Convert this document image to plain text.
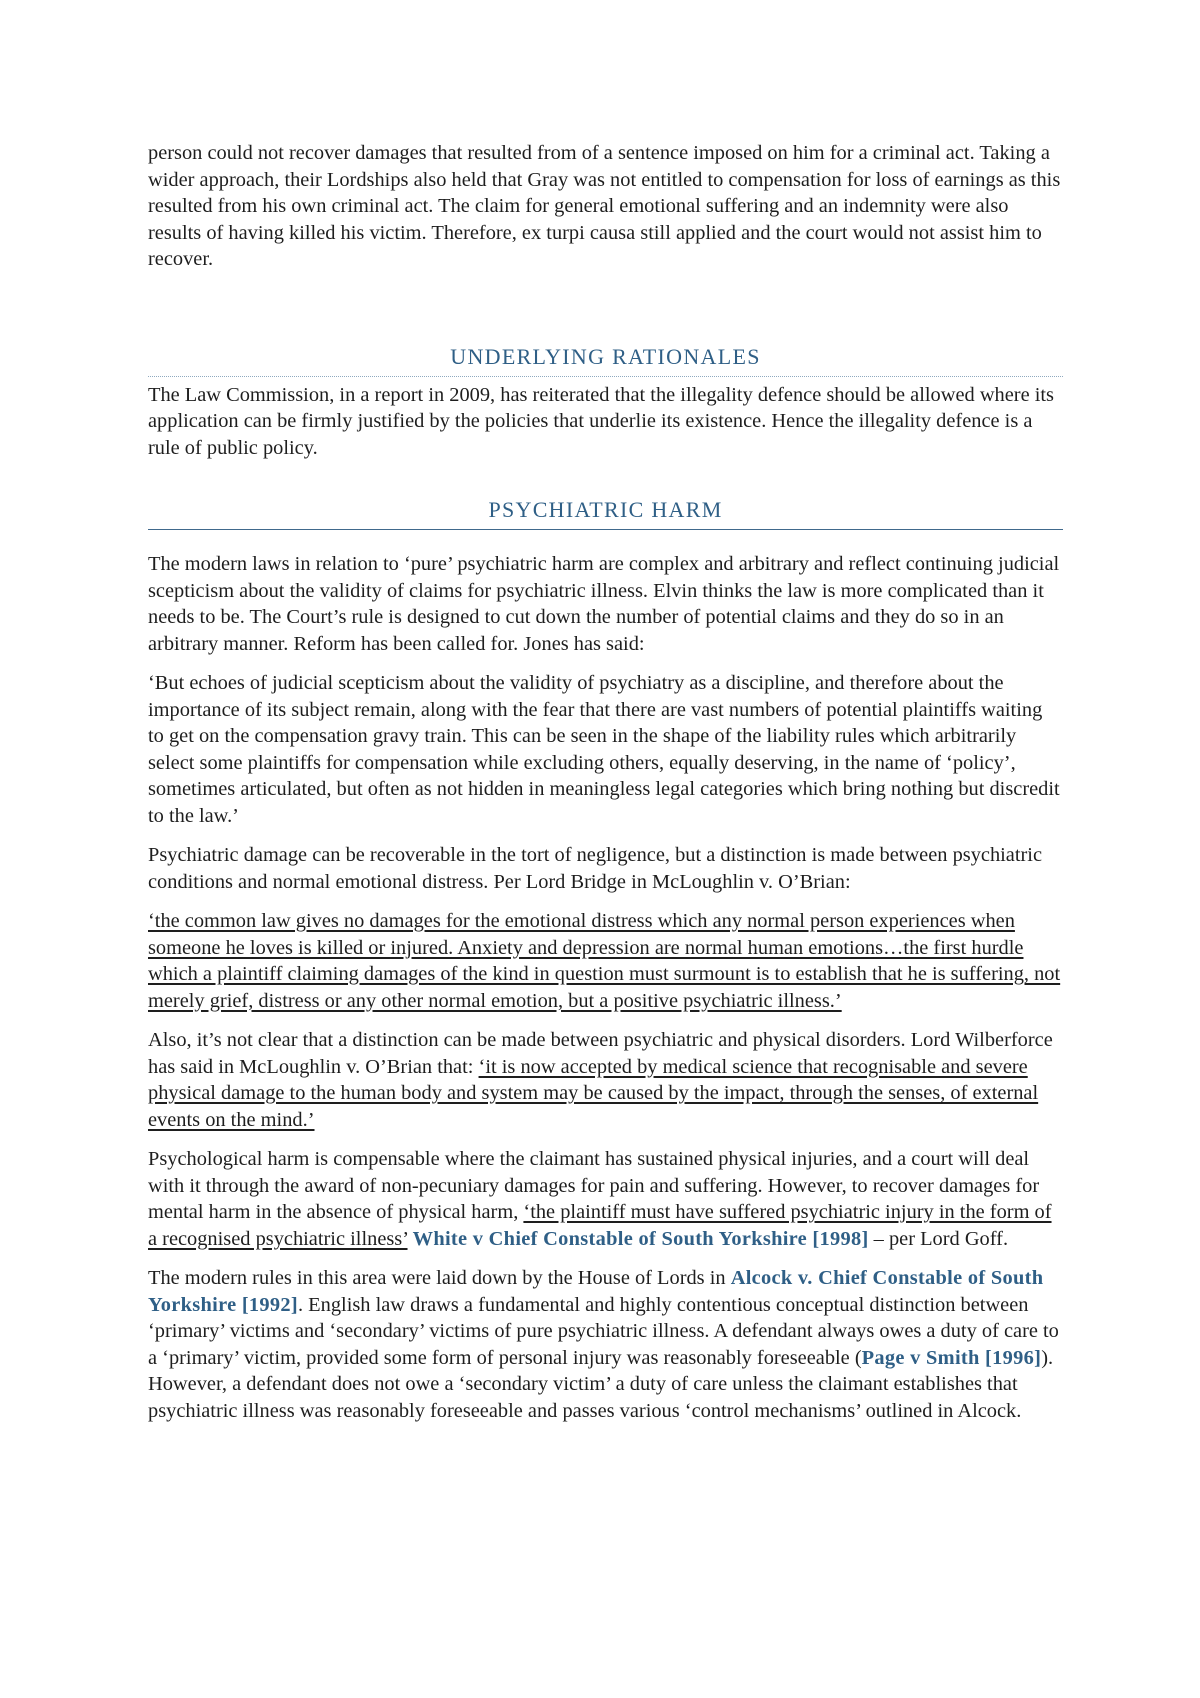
person could not recover damages that resulted from of a sentence imposed on him for a criminal act. Taking a wider approach, their Lordships also held that Gray was not entitled to compensation for loss of earnings as this resulted from his own criminal act. The claim for general emotional suffering and an indemnity were also results of having killed his victim. Therefore, ex turpi causa still applied and the court would not assist him to recover.

UNDERLYING RATIONALES

The Law Commission, in a report in 2009, has reiterated that the illegality defence should be allowed where its application can be firmly justified by the policies that underlie its existence. Hence the illegality defence is a rule of public policy.

PSYCHIATRIC HARM

The modern laws in relation to ‘pure’ psychiatric harm are complex and arbitrary and reflect continuing judicial scepticism about the validity of claims for psychiatric illness. Elvin thinks the law is more complicated than it needs to be. The Court’s rule is designed to cut down the number of potential claims and they do so in an arbitrary manner. Reform has been called for. Jones has said:

‘But echoes of judicial scepticism about the validity of psychiatry as a discipline, and therefore about the importance of its subject remain, along with the fear that there are vast numbers of potential plaintiffs waiting to get on the compensation gravy train. This can be seen in the shape of the liability rules which arbitrarily select some plaintiffs for compensation while excluding others, equally deserving, in the name of ‘policy’, sometimes articulated, but often as not hidden in meaningless legal categories which bring nothing but discredit to the law.’

Psychiatric damage can be recoverable in the tort of negligence, but a distinction is made between psychiatric conditions and normal emotional distress. Per Lord Bridge in McLoughlin v. O’Brian:

‘the common law gives no damages for the emotional distress which any normal person experiences when someone he loves is killed or injured. Anxiety and depression are normal human emotions…the first hurdle which a plaintiff claiming damages of the kind in question must surmount is to establish that he is suffering, not merely grief, distress or any other normal emotion, but a positive psychiatric illness.’

Also, it’s not clear that a distinction can be made between psychiatric and physical disorders. Lord Wilberforce has said in McLoughlin v. O’Brian that: ‘it is now accepted by medical science that recognisable and severe physical damage to the human body and system may be caused by the impact, through the senses, of external events on the mind.’

Psychological harm is compensable where the claimant has sustained physical injuries, and a court will deal with it through the award of non-pecuniary damages for pain and suffering. However, to recover damages for mental harm in the absence of physical harm, ‘the plaintiff must have suffered psychiatric injury in the form of a recognised psychiatric illness’ White v Chief Constable of South Yorkshire [1998] – per Lord Goff.

The modern rules in this area were laid down by the House of Lords in Alcock v. Chief Constable of South Yorkshire [1992]. English law draws a fundamental and highly contentious conceptual distinction between ‘primary’ victims and ‘secondary’ victims of pure psychiatric illness. A defendant always owes a duty of care to a ‘primary’ victim, provided some form of personal injury was reasonably foreseeable (Page v Smith [1996]). However, a defendant does not owe a ‘secondary victim’ a duty of care unless the claimant establishes that psychiatric illness was reasonably foreseeable and passes various ‘control mechanisms’ outlined in Alcock.
